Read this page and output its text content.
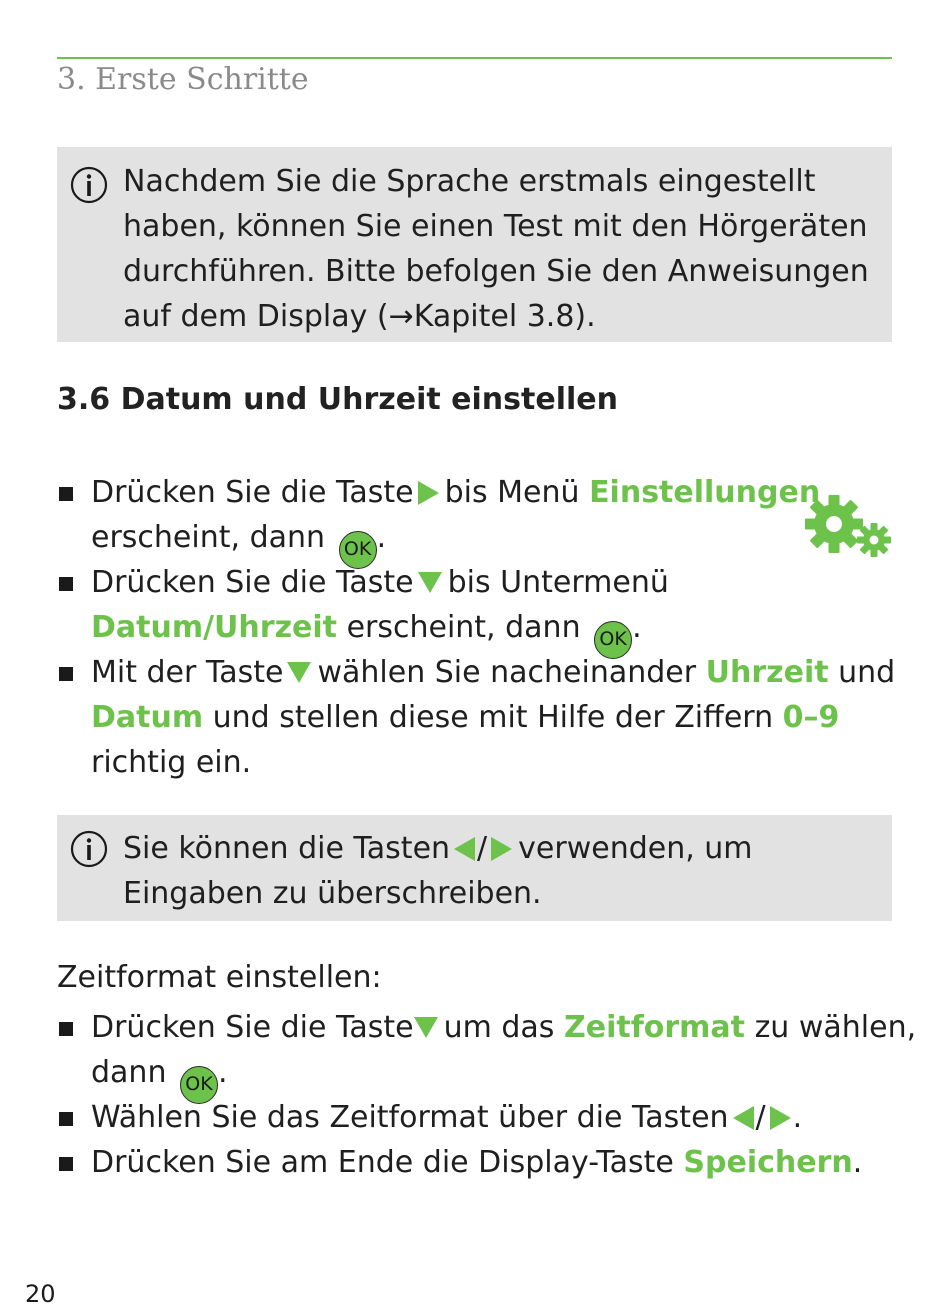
3. Erste Schritte
Nachdem Sie die Sprache erstmals eingestellt
haben, können Sie einen Test mit den Hörgeräten
durchführen. Bitte befolgen Sie den Anweisungen
auf dem Display (→Kapitel 3.8).
3.6 Datum und Uhrzeit einstellen
Drücken Sie die Taste bis Menü Einstellungen
erscheint, dann OK .
Drücken Sie die Taste bis Untermenü
Datum/Uhrzeit erscheint, dann OK .
Mit der Taste wählen Sie nacheinander Uhrzeit und
Datum und stellen diese mit Hilfe der Ziffern 0–9
richtig ein.
Sie können die Tasten / verwenden, um
Eingaben zu überschreiben.
Zeitformat einstellen:
Drücken Sie die Taste um das Zeitformat zu wählen,
dann OK .
Wählen Sie das Zeitformat über die Tasten / .
Drücken Sie am Ende die Display-Taste Speichern.
20
